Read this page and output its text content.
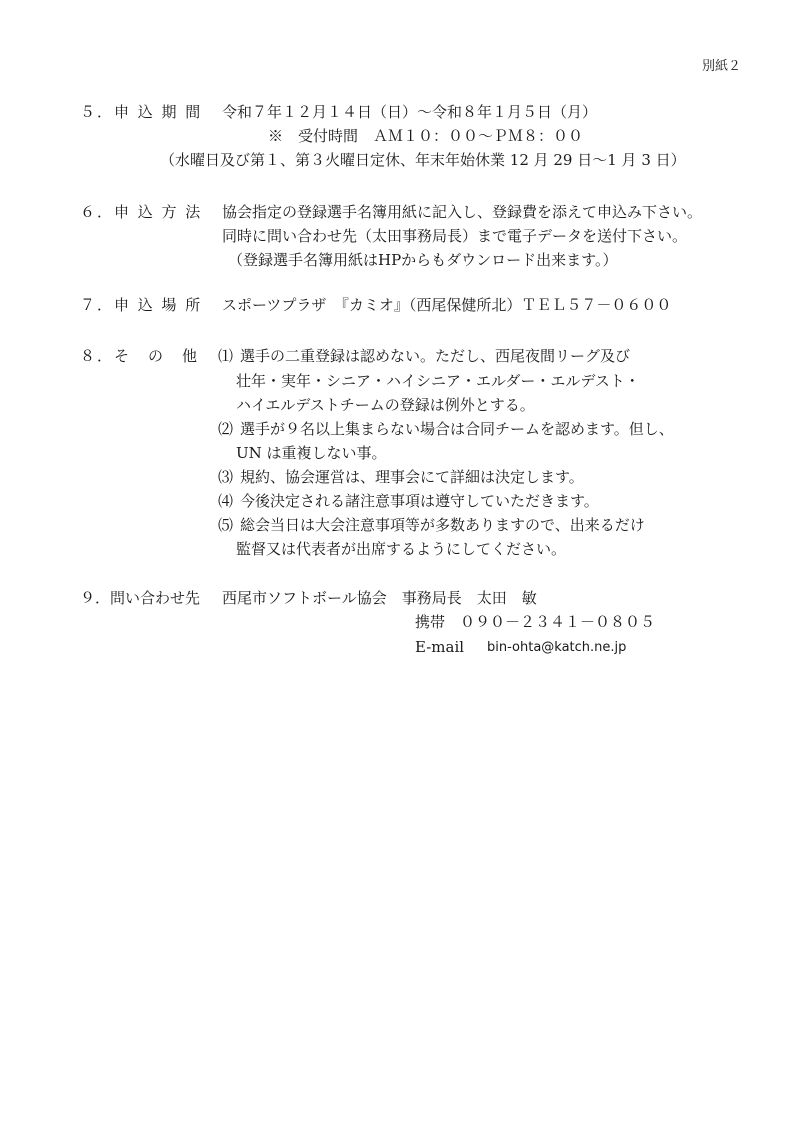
別紙２
５．申 込 期 間 令和７年１２月１４日（日）～令和８年１月５日（月）
※　受付時間　ＡＭ１０：００～ＰＭ８：００
（水曜日及び第１、第３火曜日定休、年末年始休業 12 月 29 日～1 月 3 日）
６．申 込 方 法 協会指定の登録選手名簿用紙に記入し、登録費を添えて申込み下さい。
同時に問い合わせ先（太田事務局長）まで電子データを送付下さい。
（登録選手名簿用紙はHPからもダウンロード出来ます。）
７．申 込 場 所 スポーツプラザ　『カミオ』（西尾保健所北）ＴＥＬ５７－０６００
８．そ　の　他 ⑴ 選手の二重登録は認めない。ただし、西尾夜間リーグ及び
壮年・実年・シニア・ハイシニア・エルダー・エルデスト・
ハイエルデストチームの登録は例外とする。
⑵ 選手が９名以上集まらない場合は合同チームを認めます。但し、
UN は重複しない事。
⑶ 規約、協会運営は、理事会にて詳細は決定します。
⑷ 今後決定される諸注意事項は遵守していただきます。
⑸ 総会当日は大会注意事項等が多数ありますので、出来るだけ
監督又は代表者が出席するようにしてください。
９．問い合わせ先 西尾市ソフトボール協会　事務局長　太田　敏
携帯　０９０－２３４１－０８０５
E-mail bin-ohta@katch.ne.jp
